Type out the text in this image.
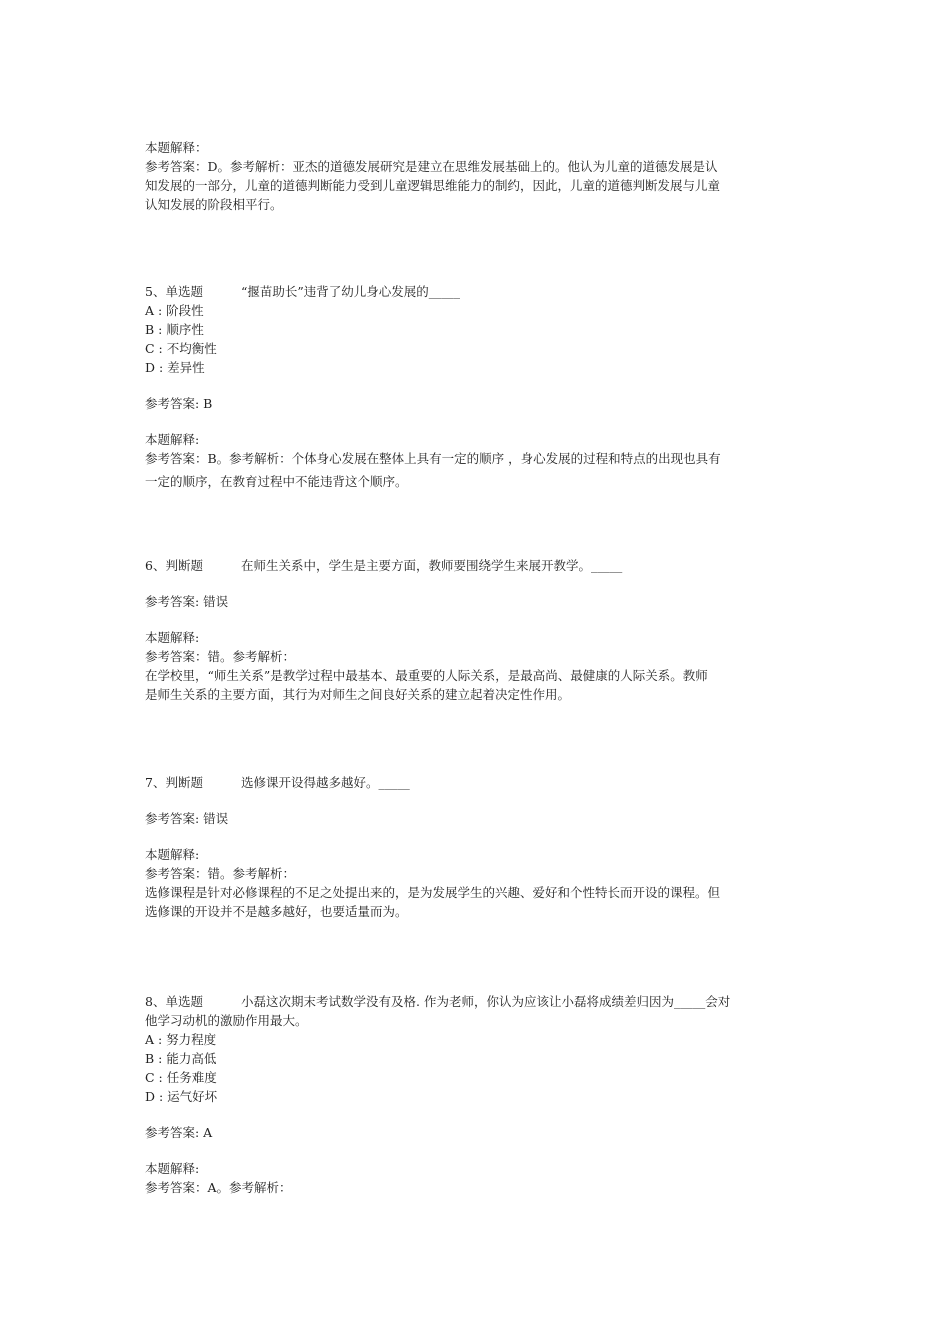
本题解释：

参考答案：D。参考解析：亚杰的道德发展研究是建立在思维发展基础上的。他认为儿童的道德发展是认

知发展的一部分，儿童的道德判断能力受到儿童逻辑思维能力的制约，因此，儿童的道德判断发展与儿童

认知发展的阶段相平行。

5、单选题	“揠苗助长”违背了幼儿身心发展的_____

A : 阶段性

B : 顺序性

C : 不均衡性

D : 差异性

参考答案: B

本题解释:

参考答案：B。参考解析：个体身心发展在整体上具有一定的顺序 ，身心发展的过程和特点的出现也具有

一定的顺序，在教育过程中不能违背这个顺序。

6、判断题	在师生关系中，学生是主要方面，教师要围绕学生来展开教学。_____

参考答案: 错误

本题解释:

参考答案：错。参考解析：

在学校里，“师生关系”是教学过程中最基本、最重要的人际关系，是最高尚、最健康的人际关系。教师

是师生关系的主要方面，其行为对师生之间良好关系的建立起着决定性作用。

7、判断题	选修课开设得越多越好。_____

参考答案: 错误

本题解释:

参考答案：错。参考解析：

选修课程是针对必修课程的不足之处提出来的，是为发展学生的兴趣、爱好和个性特长而开设的课程。但

选修课的开设并不是越多越好，也要适量而为。

8、单选题	小磊这次期末考试数学没有及格. 作为老师，你认为应该让小磊将成绩差归因为_____会对

他学习动机的激励作用最大。

A : 努力程度

B : 能力高低

C : 任务难度

D : 运气好坏

参考答案: A

本题解释:

参考答案：A。参考解析：
